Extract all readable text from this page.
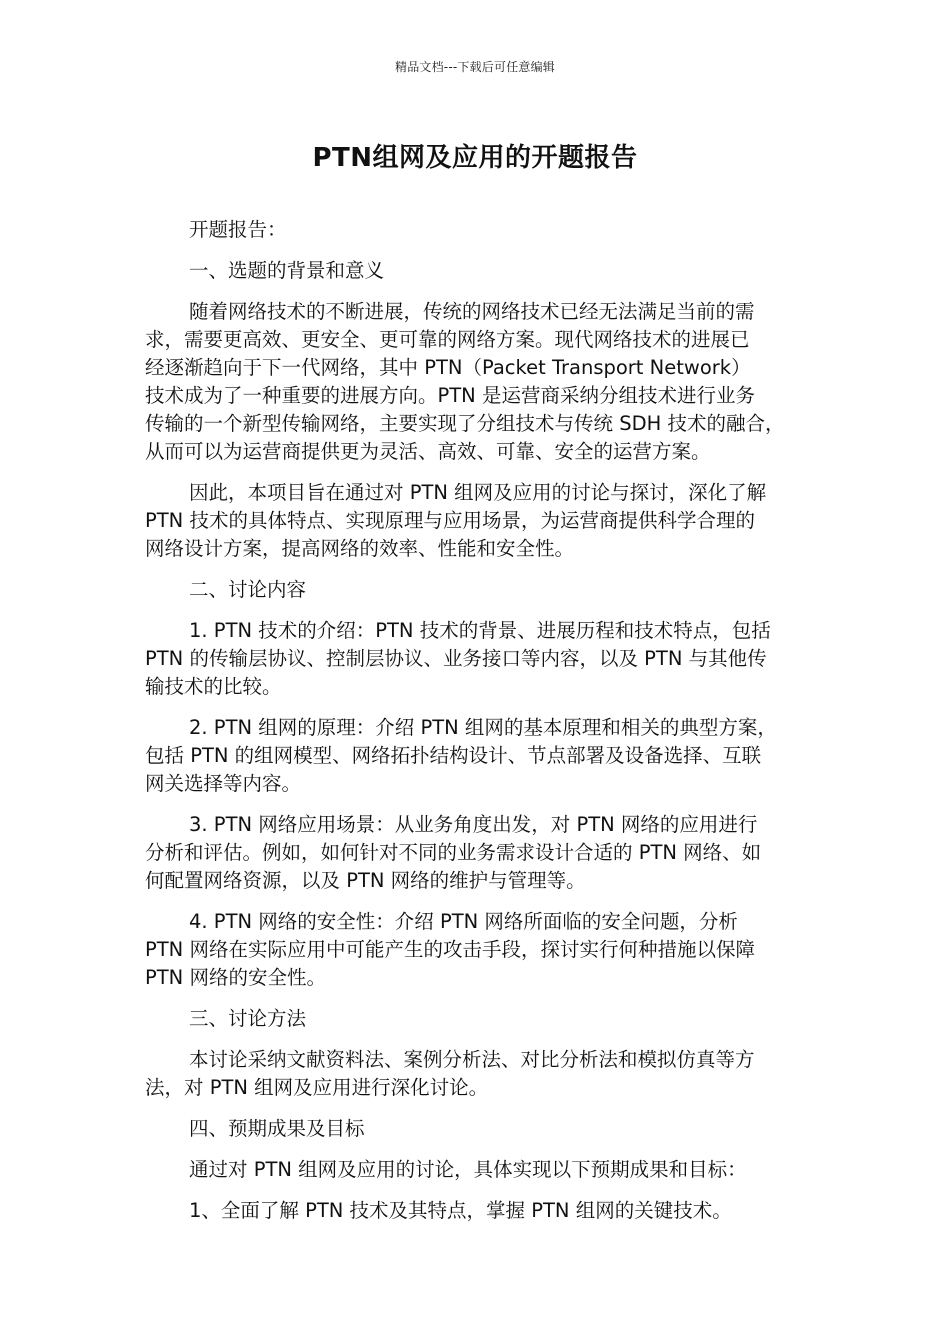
精品文档---下载后可任意编辑
PTN组网及应用的开题报告
开题报告：
一、选题的背景和意义
随着网络技术的不断进展，传统的网络技术已经无法满足当前的需
求，需要更高效、更安全、更可靠的网络方案。现代网络技术的进展已
经逐渐趋向于下一代网络，其中 PTN（Packet Transport Network）
技术成为了一种重要的进展方向。PTN 是运营商采纳分组技术进行业务
传输的一个新型传输网络，主要实现了分组技术与传统 SDH 技术的融合，
从而可以为运营商提供更为灵活、高效、可靠、安全的运营方案。
因此，本项目旨在通过对 PTN 组网及应用的讨论与探讨，深化了解
PTN 技术的具体特点、实现原理与应用场景，为运营商提供科学合理的
网络设计方案，提高网络的效率、性能和安全性。
二、讨论内容
1. PTN 技术的介绍：PTN 技术的背景、进展历程和技术特点，包括
PTN 的传输层协议、控制层协议、业务接口等内容，以及 PTN 与其他传
输技术的比较。
2. PTN 组网的原理：介绍 PTN 组网的基本原理和相关的典型方案，
包括 PTN 的组网模型、网络拓扑结构设计、节点部署及设备选择、互联
网关选择等内容。
3. PTN 网络应用场景：从业务角度出发，对 PTN 网络的应用进行
分析和评估。例如，如何针对不同的业务需求设计合适的 PTN 网络、如
何配置网络资源，以及 PTN 网络的维护与管理等。
4. PTN 网络的安全性：介绍 PTN 网络所面临的安全问题，分析
PTN 网络在实际应用中可能产生的攻击手段，探讨实行何种措施以保障
PTN 网络的安全性。
三、讨论方法
本讨论采纳文献资料法、案例分析法、对比分析法和模拟仿真等方
法，对 PTN 组网及应用进行深化讨论。
四、预期成果及目标
通过对 PTN 组网及应用的讨论，具体实现以下预期成果和目标：
1、全面了解 PTN 技术及其特点，掌握 PTN 组网的关键技术。
